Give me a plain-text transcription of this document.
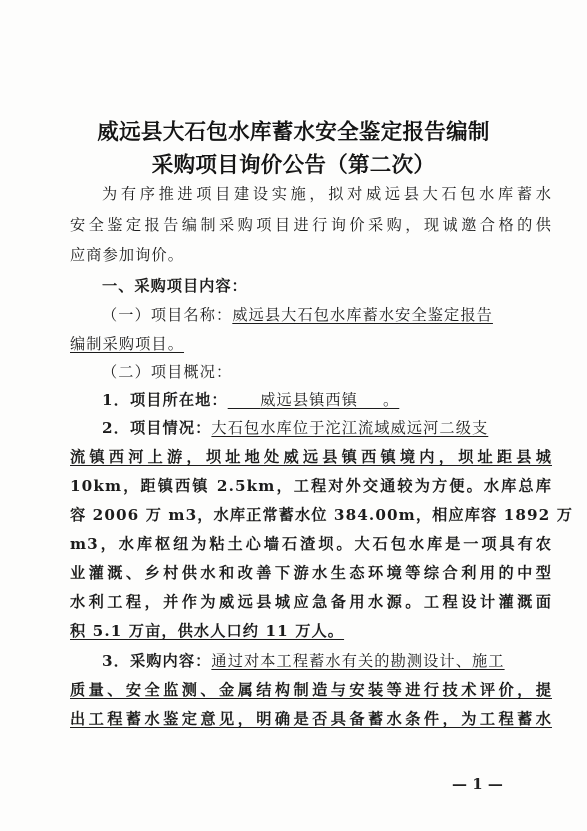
威远县大石包水库蓄水安全鉴定报告编制
采购项目询价公告（第二次）
为有序推进项目建设实施，拟对威远县大石包水库蓄水
安全鉴定报告编制采购项目进行询价采购，现诚邀合格的供
应商参加询价。
一、采购项目内容：
（一）项目名称：威远县大石包水库蓄水安全鉴定报告
编制采购项目。
（二）项目概况：
1．项目所在地：   威远县镇西镇   。
2．项目情况：大石包水库位于沱江流域威远河二级支
流镇西河上游，坝址地处威远县镇西镇境内，坝址距县城
10km，距镇西镇 2.5km，工程对外交通较为方便。水库总库
容 2006 万 m3，水库正常蓄水位 384.00m，相应库容 1892 万
m3，水库枢纽为粘土心墙石渣坝。大石包水库是一项具有农
业灌溉、乡村供水和改善下游水生态环境等综合利用的中型
水利工程，并作为威远县城应急备用水源。工程设计灌溉面
积 5.1 万亩，供水人口约 11 万人。
3．采购内容：通过对本工程蓄水有关的勘测设计、施工
质量、安全监测、金属结构制造与安装等进行技术评价，提
出工程蓄水鉴定意见，明确是否具备蓄水条件，为工程蓄水
— 1 —
